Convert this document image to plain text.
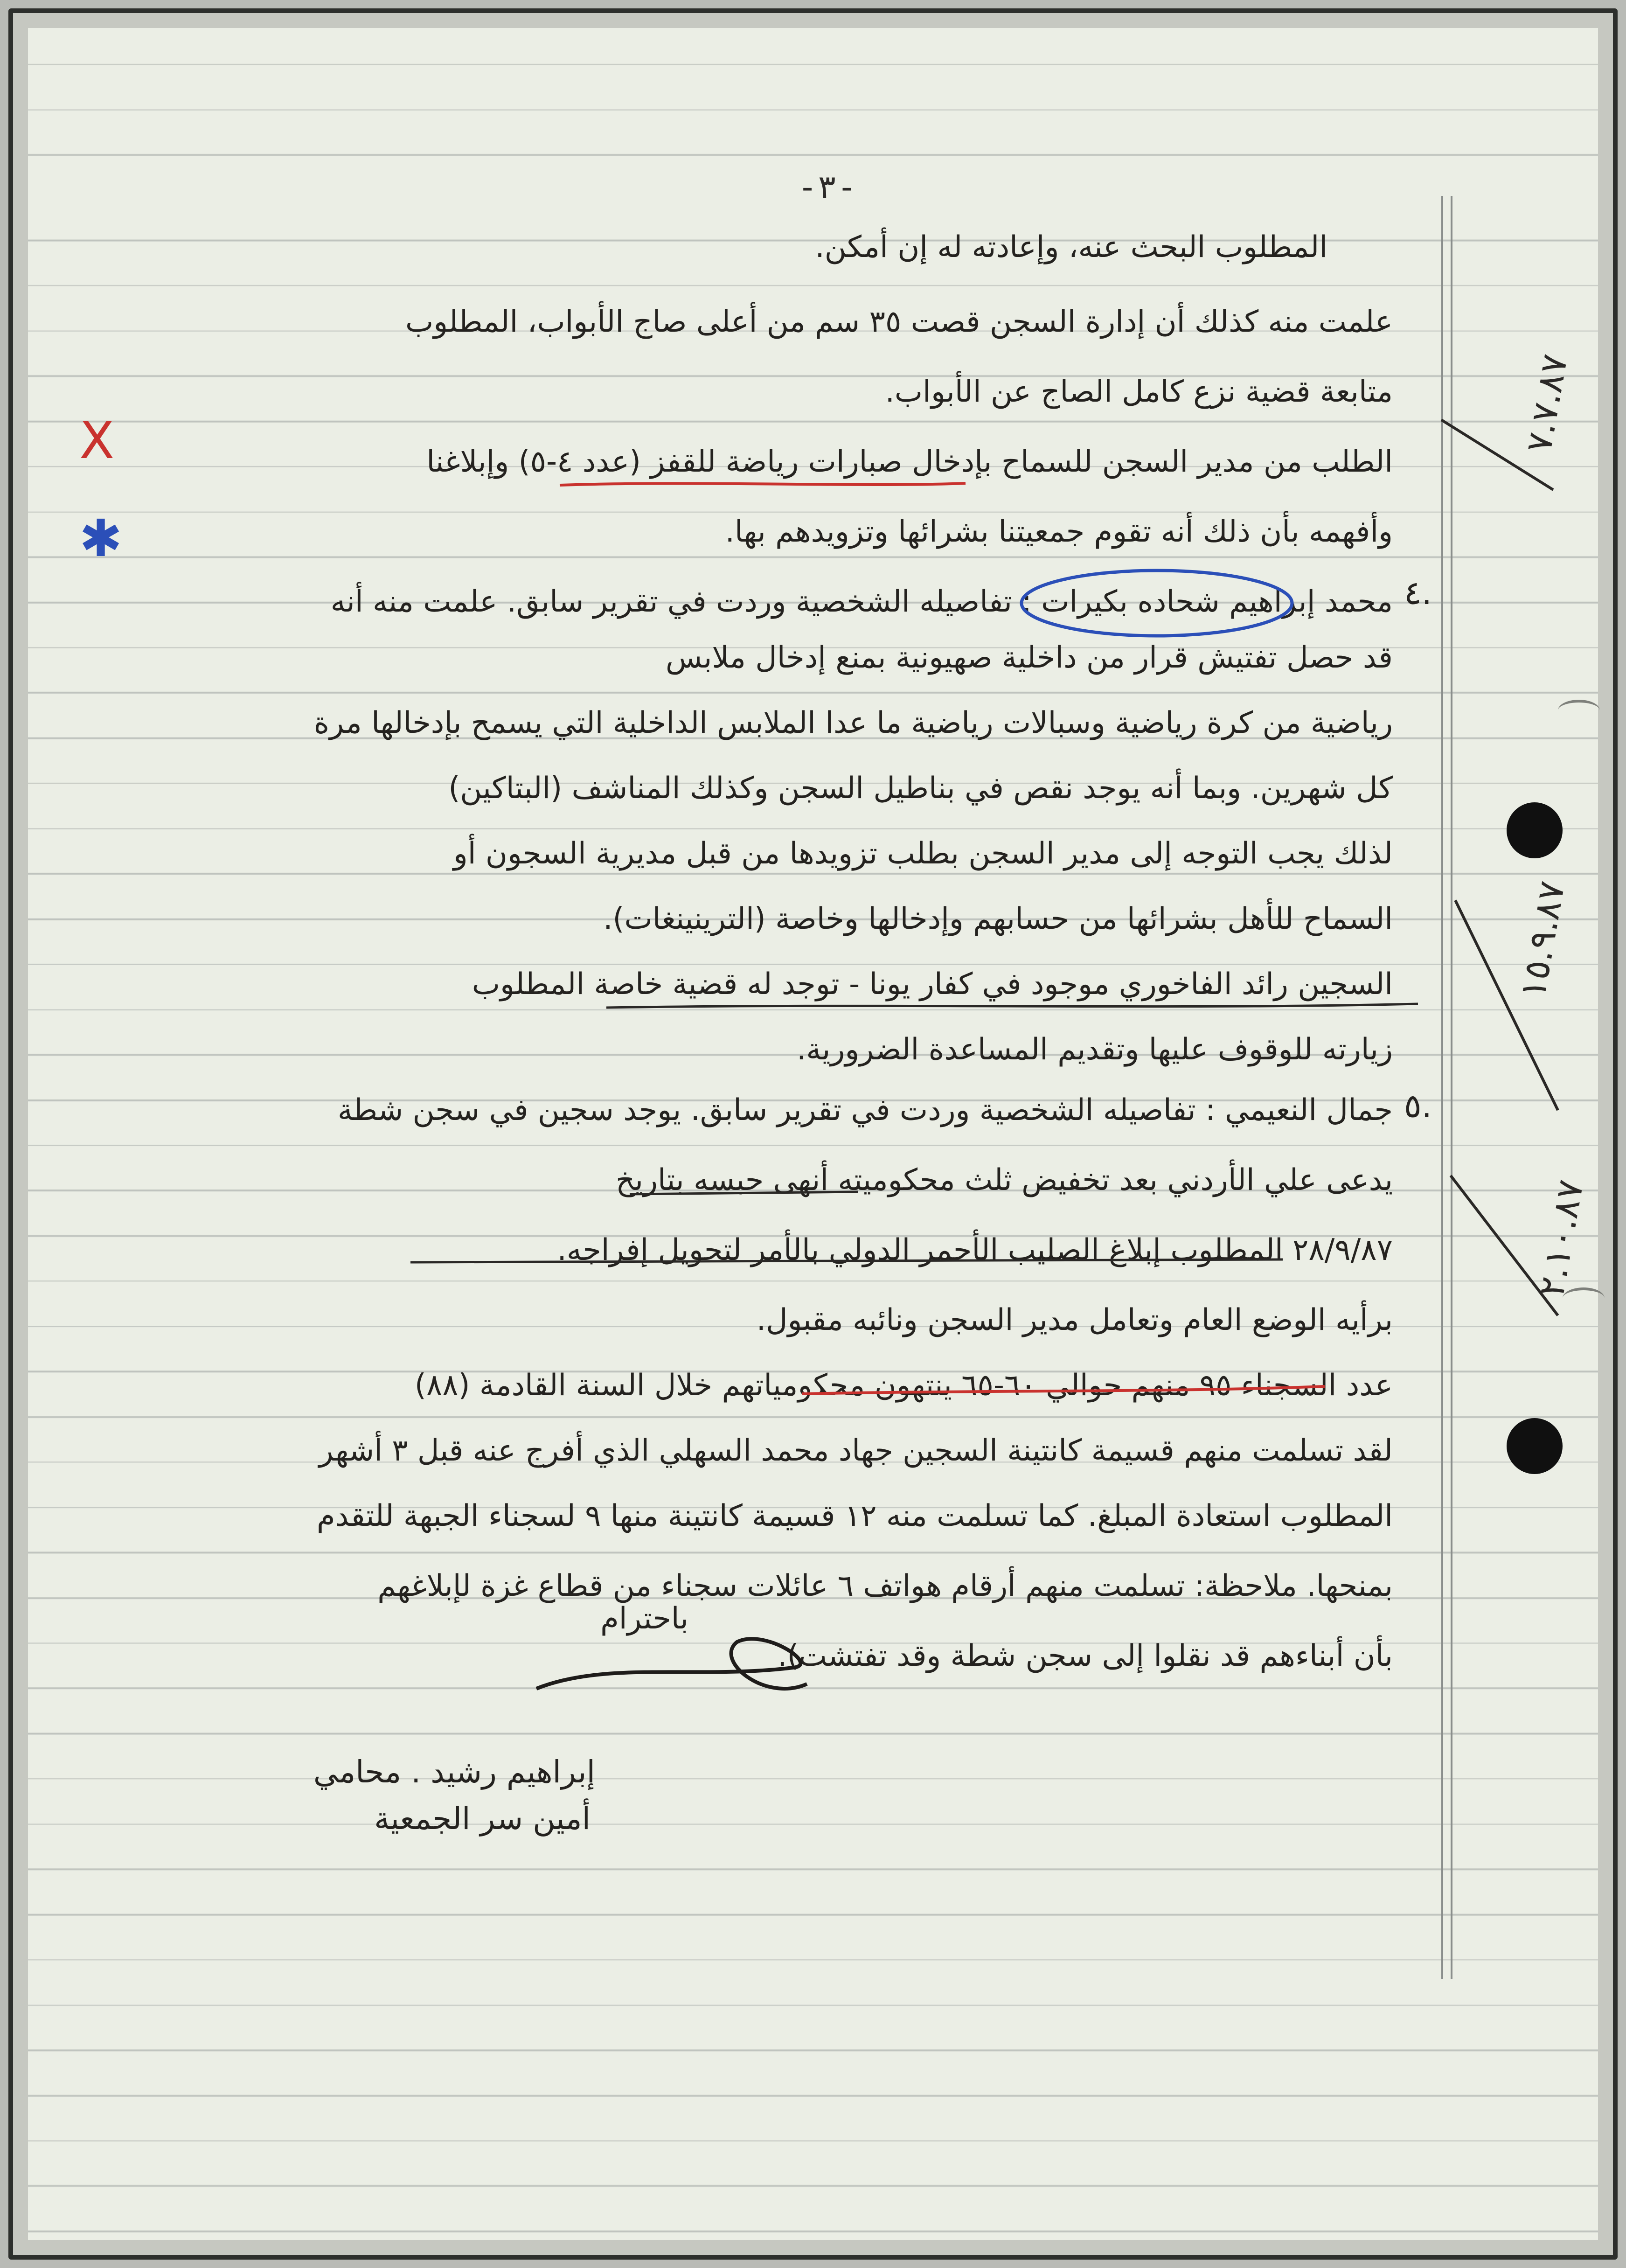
-٣-
المطلوب البحث عنه، وإعادته له إن أمكن.
علمت منه كذلك أن إدارة السجن قصت ٣٥ سم من أعلى صاج الأبواب، المطلوب
متابعة قضية نزع كامل الصاج عن الأبواب.
الطلب من مدير السجن للسماح بإدخال صبارات رياضة للقفز (عدد ٤-٥) وإبلاغنا
وأفهمه بأن ذلك أنه تقوم جمعيتنا بشرائها وتزويدهم بها.
٤.
محمد إبراهيم شحاده بكيرات : تفاصيله الشخصية وردت في تقرير سابق. علمت منه أنه
قد حصل تفتيش قرار من داخلية صهيونية بمنع إدخال ملابس
رياضية من كرة رياضية وسبالات رياضية ما عدا الملابس الداخلية التي يسمح بإدخالها مرة
كل شهرين. وبما أنه يوجد نقص في بناطيل السجن وكذلك المناشف (البتاكين)
لذلك يجب التوجه إلى مدير السجن بطلب تزويدها من قبل مديرية السجون أو
السماح للأهل بشرائها من حسابهم وإدخالها وخاصة (الترينينغات).
السجين رائد الفاخوري موجود في كفار يونا - توجد له قضية خاصة المطلوب
زيارته للوقوف عليها وتقديم المساعدة الضرورية.
٥.
جمال النعيمي : تفاصيله الشخصية وردت في تقرير سابق. يوجد سجين في سجن شطة
يدعى علي الأردني بعد تخفيض ثلث محكوميته أنهى حبسه بتاريخ
٢٨/٩/٨٧ المطلوب إبلاغ الصليب الأحمر الدولي بالأمر لتحويل إفراجه.
برأيه الوضع العام وتعامل مدير السجن ونائبه مقبول.
عدد السجناء ٩٥ منهم حوالي ٦٠-٦٥ ينتهون محكومياتهم خلال السنة القادمة (٨٨)
لقد تسلمت منهم قسيمة كانتينة السجين جهاد محمد السهلي الذي أفرج عنه قبل ٣ أشهر
المطلوب استعادة المبلغ. كما تسلمت منه ١٢ قسيمة كانتينة منها ٩ لسجناء الجبهة للتقدم
بمنحها. ملاحظة: تسلمت منهم أرقام هواتف ٦ عائلات سجناء من قطاع غزة لإبلاغهم
بأن أبناءهم قد نقلوا إلى سجن شطة وقد تفتشت).
باحترام
إبراهيم رشيد . محامي
أمين سر الجمعية
٧.٧.٨٧
١٥.٩.٨٧
٢.١٠.٨٧
X
✱
